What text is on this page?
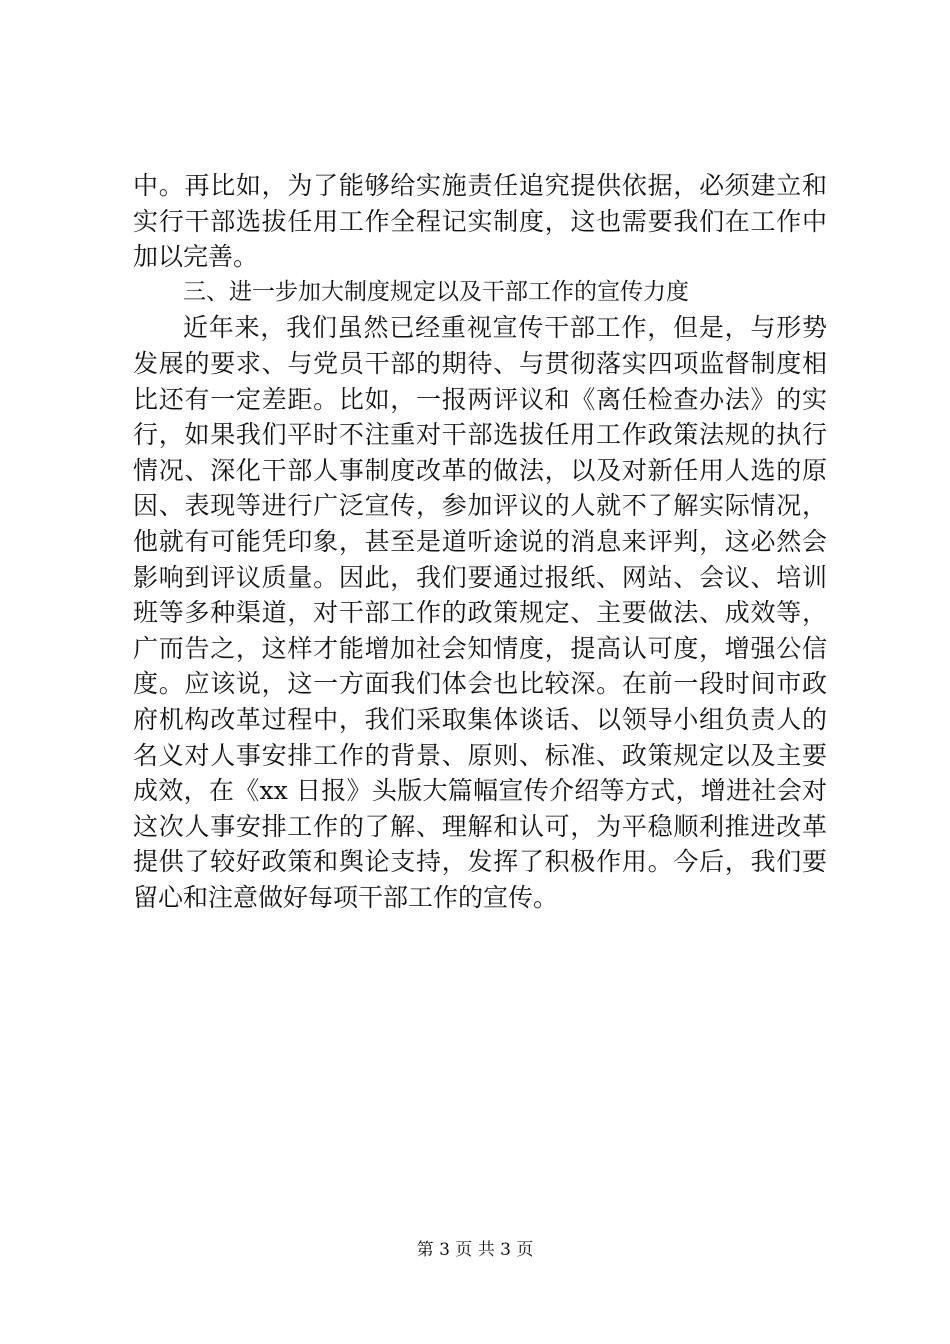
中。再比如，为了能够给实施责任追究提供依据，必须建立和
实行干部选拔任用工作全程记实制度，这也需要我们在工作中
加以完善。
三、进一步加大制度规定以及干部工作的宣传力度
近年来，我们虽然已经重视宣传干部工作，但是，与形势
发展的要求、与党员干部的期待、与贯彻落实四项监督制度相
比还有一定差距。比如，一报两评议和《离任检查办法》的实
行，如果我们平时不注重对干部选拔任用工作政策法规的执行
情况、深化干部人事制度改革的做法，以及对新任用人选的原
因、表现等进行广泛宣传，参加评议的人就不了解实际情况，
他就有可能凭印象，甚至是道听途说的消息来评判，这必然会
影响到评议质量。因此，我们要通过报纸、网站、会议、培训
班等多种渠道，对干部工作的政策规定、主要做法、成效等，
广而告之，这样才能增加社会知情度，提高认可度，增强公信
度。应该说，这一方面我们体会也比较深。在前一段时间市政
府机构改革过程中，我们采取集体谈话、以领导小组负责人的
名义对人事安排工作的背景、原则、标准、政策规定以及主要
成效，在《xx 日报》头版大篇幅宣传介绍等方式，增进社会对
这次人事安排工作的了解、理解和认可，为平稳顺利推进改革
提供了较好政策和舆论支持，发挥了积极作用。今后，我们要
留心和注意做好每项干部工作的宣传。
第 3 页 共 3 页
